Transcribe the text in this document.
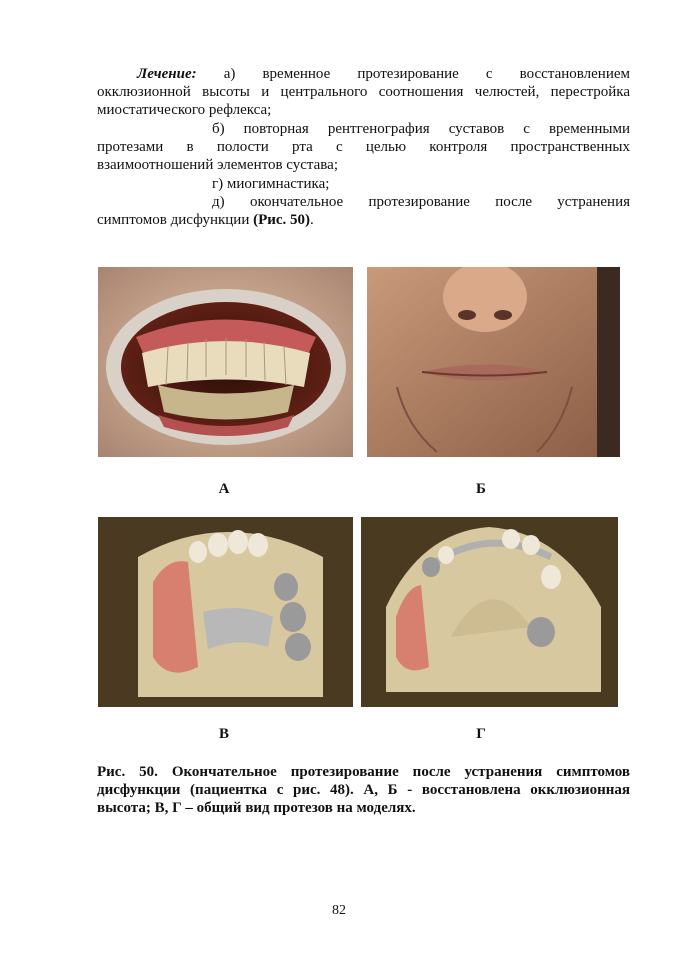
Лечение: а) временное протезирование с восстановлением
окклюзионной высоты и центрального соотношения челюстей, перестройка
миостатического рефлекса;
б) повторная рентгенография суставов с временными
протезами в полости рта с целью контроля пространственных
взаимоотношений элементов сустава;
г) миогимнастика;
д) окончательное протезирование после устранения
симптомов дисфункции (Рис. 50).
А	Б
В	Г
Рис. 50. Окончательное протезирование после устранения симптомов
дисфункции (пациентка с рис. 48). А, Б - восстановлена окклюзионная
высота; В, Г – общий вид протезов на моделях.
82
